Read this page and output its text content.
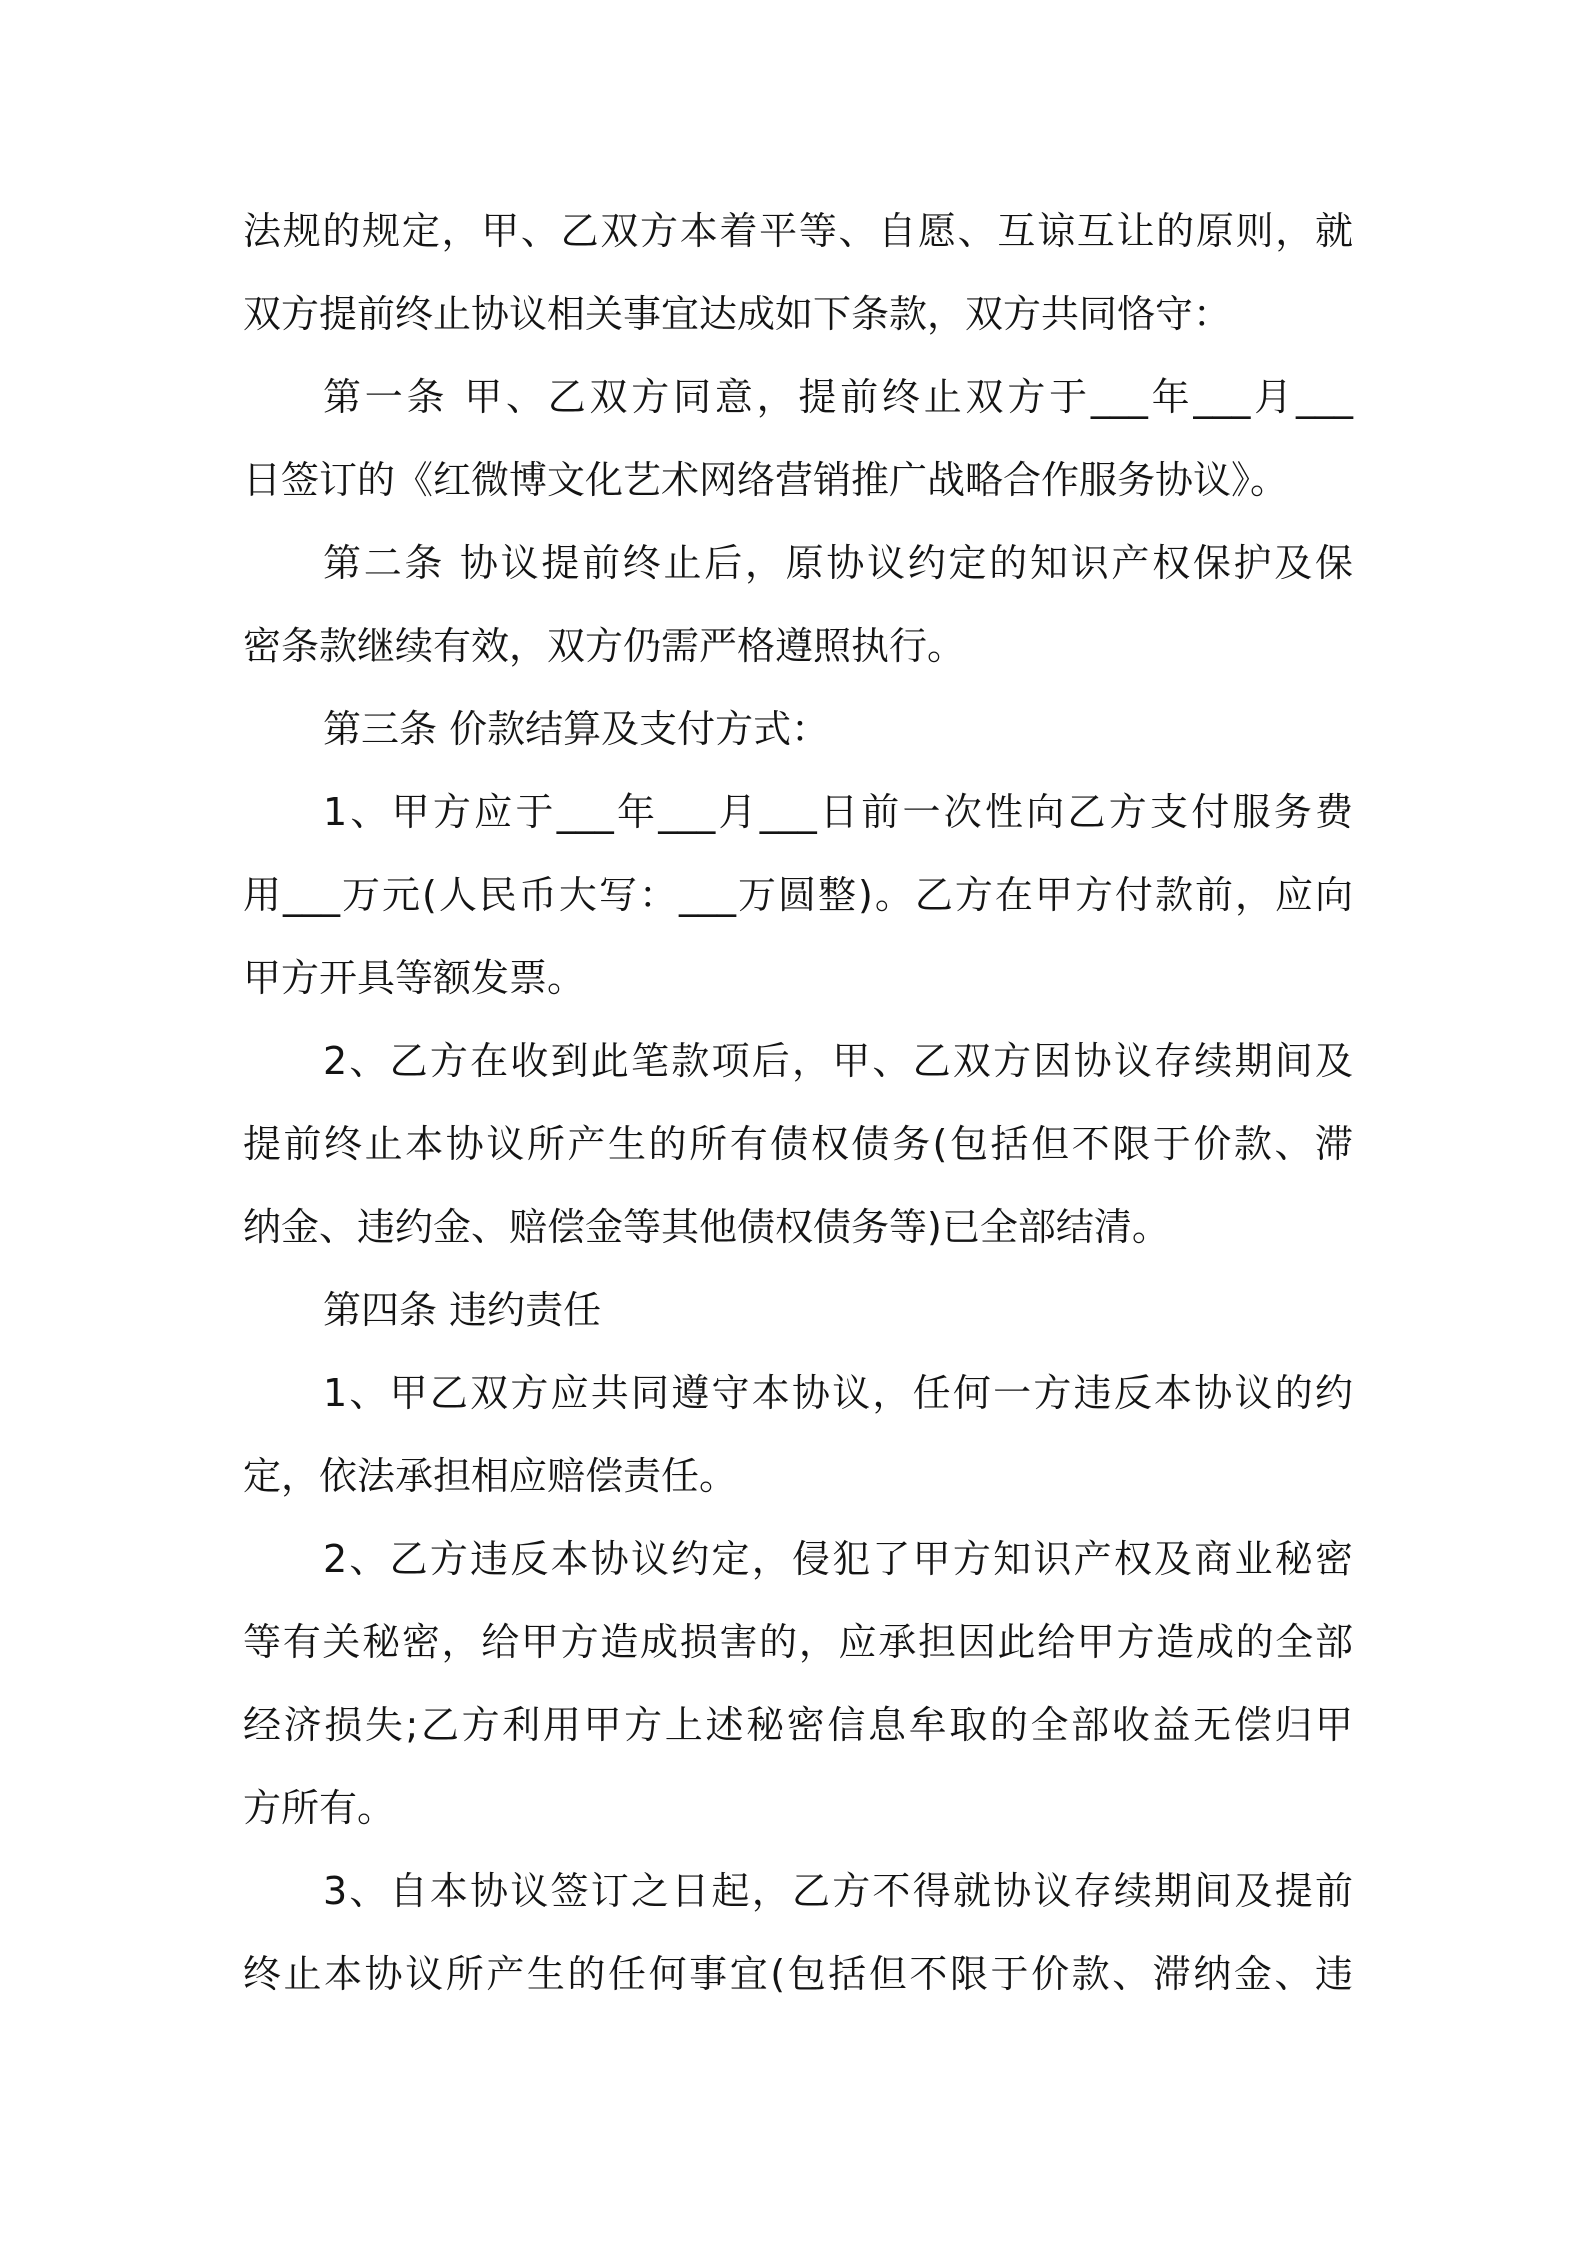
法规的规定，甲、乙双方本着平等、自愿、互谅互让的原则，就
双方提前终止协议相关事宜达成如下条款，双方共同恪守：
第一条 甲、乙双方同意，提前终止双方于___年___月___
日签订的《红微博文化艺术网络营销推广战略合作服务协议》。
第二条 协议提前终止后，原协议约定的知识产权保护及保
密条款继续有效，双方仍需严格遵照执行。
第三条 价款结算及支付方式：
1、甲方应于___年___月___日前一次性向乙方支付服务费
用___万元(人民币大写：___万圆整)。乙方在甲方付款前，应向
甲方开具等额发票。
2、乙方在收到此笔款项后，甲、乙双方因协议存续期间及
提前终止本协议所产生的所有债权债务(包括但不限于价款、滞
纳金、违约金、赔偿金等其他债权债务等)已全部结清。
第四条 违约责任
1、甲乙双方应共同遵守本协议，任何一方违反本协议的约
定，依法承担相应赔偿责任。
2、乙方违反本协议约定，侵犯了甲方知识产权及商业秘密
等有关秘密，给甲方造成损害的，应承担因此给甲方造成的全部
经济损失;乙方利用甲方上述秘密信息牟取的全部收益无偿归甲
方所有。
3、自本协议签订之日起，乙方不得就协议存续期间及提前
终止本协议所产生的任何事宜(包括但不限于价款、滞纳金、违
